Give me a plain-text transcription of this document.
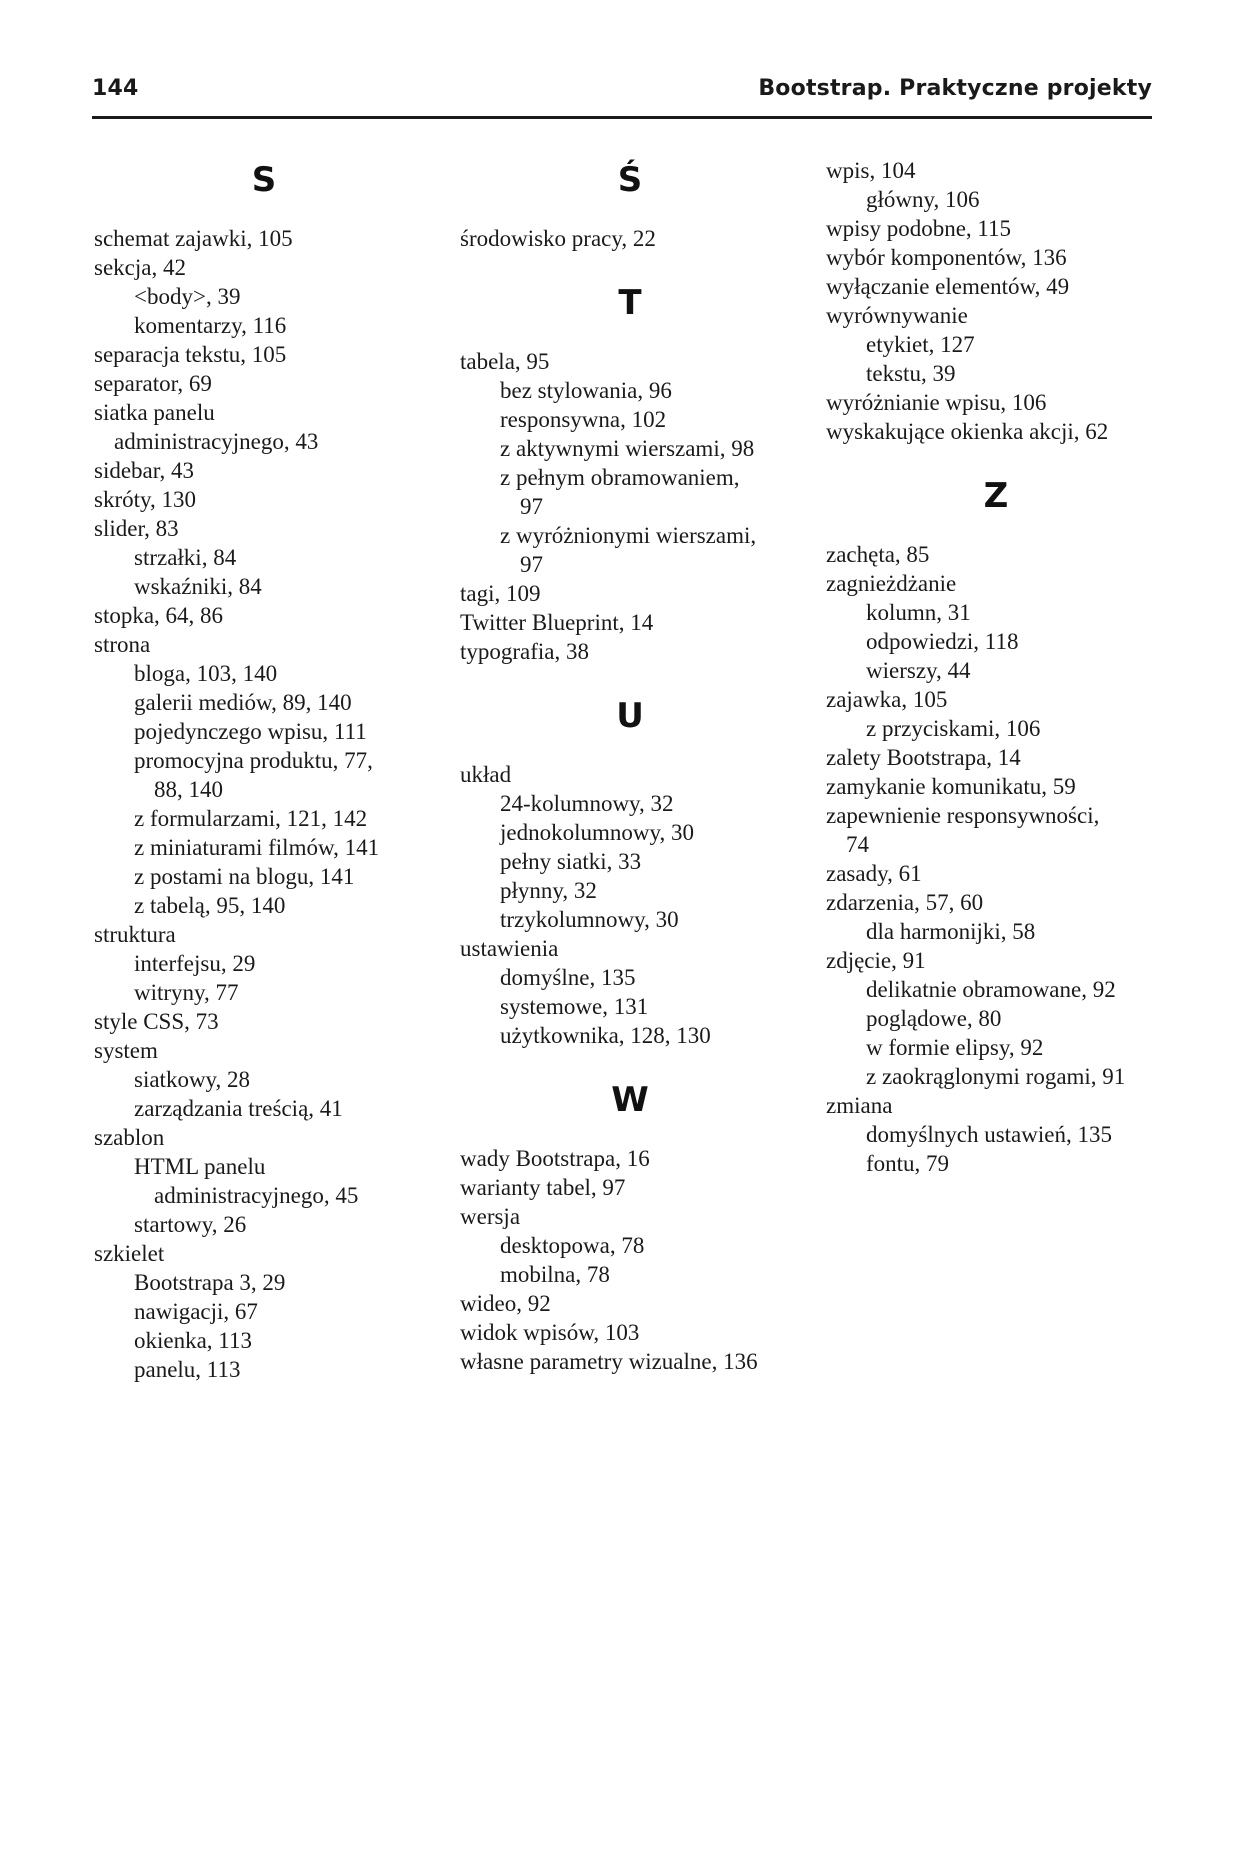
144	Bootstrap. Praktyczne projekty
S
schemat zajawki, 105
sekcja, 42
<body>, 39
komentarzy, 116
separacja tekstu, 105
separator, 69
siatka panelu
administracyjnego, 43
sidebar, 43
skróty, 130
slider, 83
strzałki, 84
wskaźniki, 84
stopka, 64, 86
strona
bloga, 103, 140
galerii mediów, 89, 140
pojedynczego wpisu, 111
promocyjna produktu, 77,
88, 140
z formularzami, 121, 142
z miniaturami filmów, 141
z postami na blogu, 141
z tabelą, 95, 140
struktura
interfejsu, 29
witryny, 77
style CSS, 73
system
siatkowy, 28
zarządzania treścią, 41
szablon
HTML panelu
administracyjnego, 45
startowy, 26
szkielet
Bootstrapa 3, 29
nawigacji, 67
okienka, 113
panelu, 113
Ś
środowisko pracy, 22
T
tabela, 95
bez stylowania, 96
responsywna, 102
z aktywnymi wierszami, 98
z pełnym obramowaniem,
97
z wyróżnionymi wierszami,
97
tagi, 109
Twitter Blueprint, 14
typografia, 38
U
układ
24-kolumnowy, 32
jednokolumnowy, 30
pełny siatki, 33
płynny, 32
trzykolumnowy, 30
ustawienia
domyślne, 135
systemowe, 131
użytkownika, 128, 130
W
wady Bootstrapa, 16
warianty tabel, 97
wersja
desktopowa, 78
mobilna, 78
wideo, 92
widok wpisów, 103
własne parametry wizualne, 136
wpis, 104
główny, 106
wpisy podobne, 115
wybór komponentów, 136
wyłączanie elementów, 49
wyrównywanie
etykiet, 127
tekstu, 39
wyróżnianie wpisu, 106
wyskakujące okienka akcji, 62
Z
zachęta, 85
zagnieżdżanie
kolumn, 31
odpowiedzi, 118
wierszy, 44
zajawka, 105
z przyciskami, 106
zalety Bootstrapa, 14
zamykanie komunikatu, 59
zapewnienie responsywności,
74
zasady, 61
zdarzenia, 57, 60
dla harmonijki, 58
zdjęcie, 91
delikatnie obramowane, 92
poglądowe, 80
w formie elipsy, 92
z zaokrąglonymi rogami, 91
zmiana
domyślnych ustawień, 135
fontu, 79
